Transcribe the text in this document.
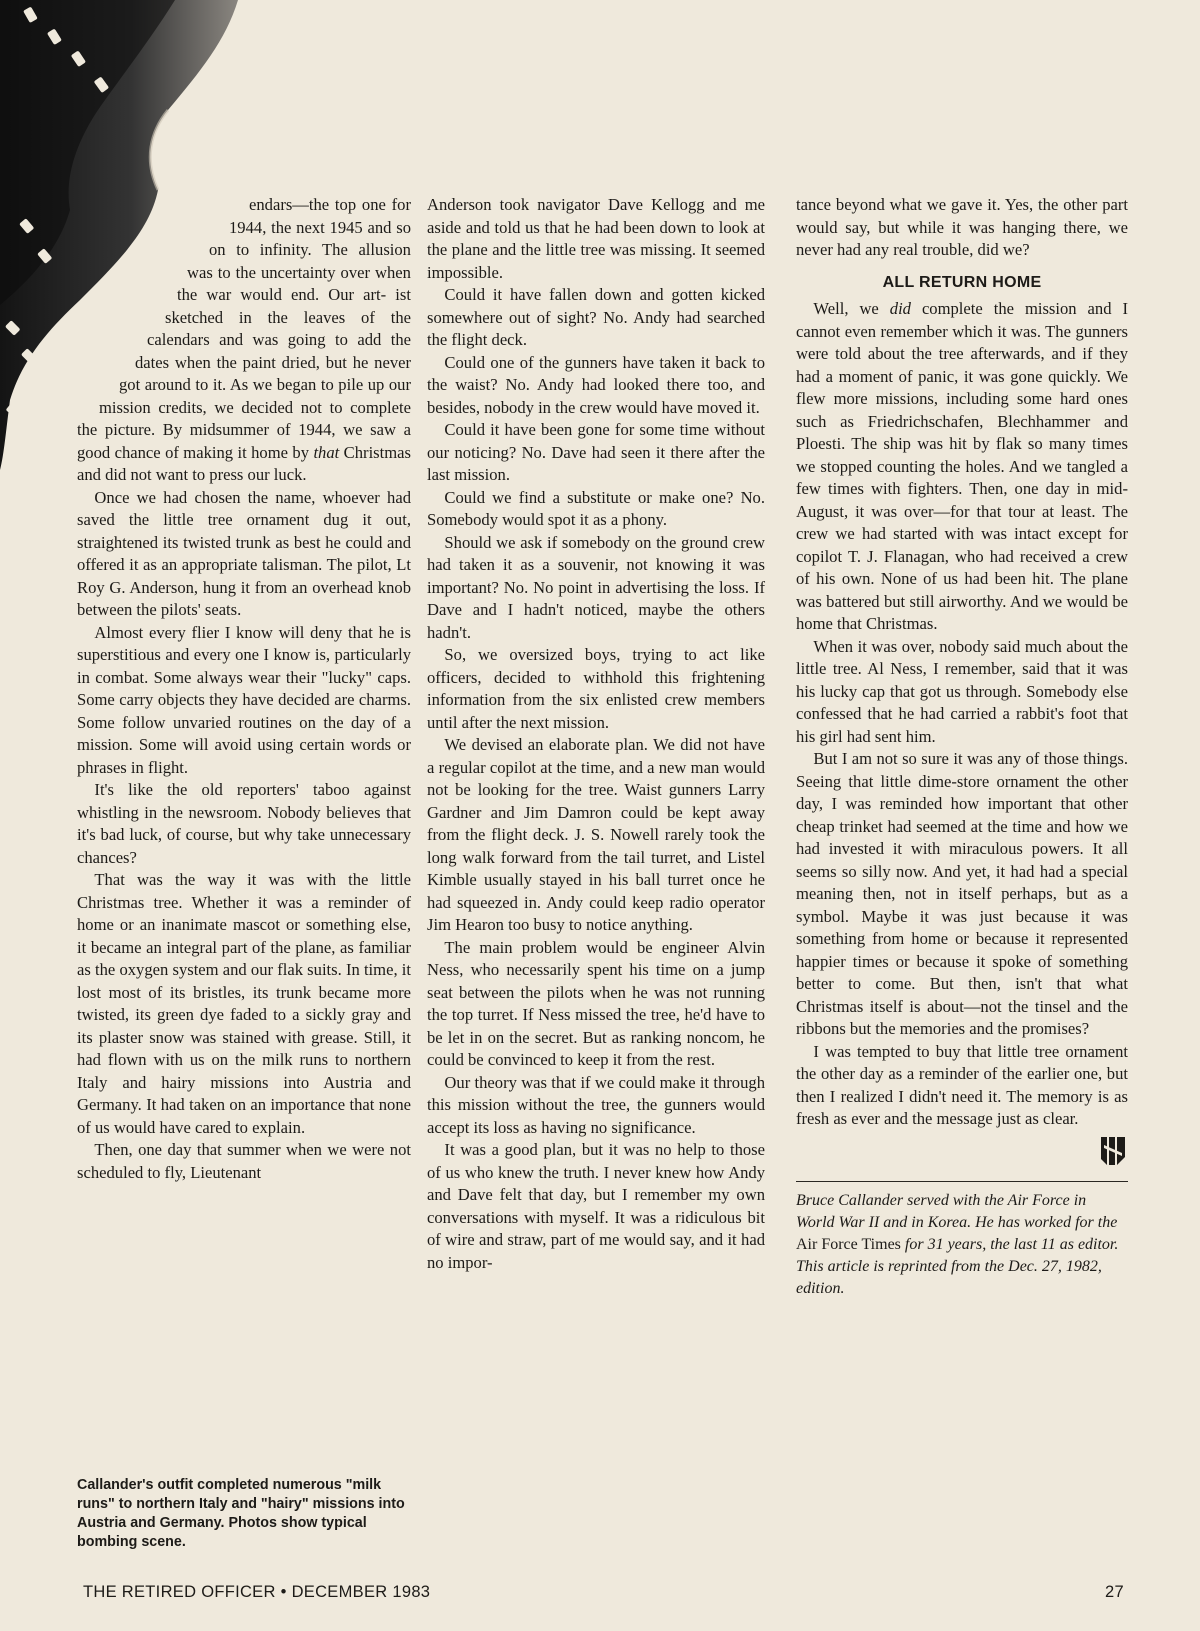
endars—the top one for 1944, the next 1945 and so on to infinity. The allusion was to the uncertainty over when the war would end. Our art- ist sketched in the leaves of the calendars and was going to add the dates when the paint dried, but he never got around to it. As we began to pile up our mission credits, we decided not to complete the picture. By midsummer of 1944, we saw a good chance of making it home by that Christmas and did not want to press our luck.

Once we had chosen the name, whoever had saved the little tree ornament dug it out, straightened its twisted trunk as best he could and offered it as an appropriate talisman. The pilot, Lt Roy G. Anderson, hung it from an overhead knob between the pilots' seats.

Almost every flier I know will deny that he is superstitious and every one I know is, particularly in combat. Some always wear their "lucky" caps. Some carry objects they have decided are charms. Some follow unvaried routines on the day of a mission. Some will avoid using certain words or phrases in flight.

It's like the old reporters' taboo against whistling in the newsroom. Nobody believes that it's bad luck, of course, but why take unnecessary chances?

That was the way it was with the little Christmas tree. Whether it was a reminder of home or an inanimate mascot or something else, it became an integral part of the plane, as familiar as the oxygen system and our flak suits. In time, it lost most of its bristles, its trunk became more twisted, its green dye faded to a sickly gray and its plaster snow was stained with grease. Still, it had flown with us on the milk runs to northern Italy and hairy missions into Austria and Germany. It had taken on an importance that none of us would have cared to explain.

Then, one day that summer when we were not scheduled to fly, Lieutenant

Callander's outfit completed numerous "milk runs" to northern Italy and "hairy" missions into Austria and Germany. Photos show typical bombing scene.

Anderson took navigator Dave Kellogg and me aside and told us that he had been down to look at the plane and the little tree was missing. It seemed impossible.

Could it have fallen down and gotten kicked somewhere out of sight? No. Andy had searched the flight deck.

Could one of the gunners have taken it back to the waist? No. Andy had looked there too, and besides, nobody in the crew would have moved it.

Could it have been gone for some time without our noticing? No. Dave had seen it there after the last mission.

Could we find a substitute or make one? No. Somebody would spot it as a phony.

Should we ask if somebody on the ground crew had taken it as a souvenir, not knowing it was important? No. No point in advertising the loss. If Dave and I hadn't noticed, maybe the others hadn't.

So, we oversized boys, trying to act like officers, decided to withhold this frightening information from the six enlisted crew members until after the next mission.

We devised an elaborate plan. We did not have a regular copilot at the time, and a new man would not be looking for the tree. Waist gunners Larry Gardner and Jim Damron could be kept away from the flight deck. J. S. Nowell rarely took the long walk forward from the tail turret, and Listel Kimble usually stayed in his ball turret once he had squeezed in. Andy could keep radio operator Jim Hearon too busy to notice anything.

The main problem would be engineer Alvin Ness, who necessarily spent his time on a jump seat between the pilots when he was not running the top turret. If Ness missed the tree, he'd have to be let in on the secret. But as ranking noncom, he could be convinced to keep it from the rest.

Our theory was that if we could make it through this mission without the tree, the gunners would accept its loss as having no significance.

It was a good plan, but it was no help to those of us who knew the truth. I never knew how Andy and Dave felt that day, but I remember my own conversations with myself. It was a ridiculous bit of wire and straw, part of me would say, and it had no impor-

tance beyond what we gave it. Yes, the other part would say, but while it was hanging there, we never had any real trouble, did we?

ALL RETURN HOME

Well, we did complete the mission and I cannot even remember which it was. The gunners were told about the tree afterwards, and if they had a moment of panic, it was gone quickly. We flew more missions, including some hard ones such as Friedrichschafen, Blechhammer and Ploesti. The ship was hit by flak so many times we stopped counting the holes. And we tangled a few times with fighters. Then, one day in mid-August, it was over—for that tour at least. The crew we had started with was intact except for copilot T. J. Flanagan, who had received a crew of his own. None of us had been hit. The plane was battered but still airworthy. And we would be home that Christmas.

When it was over, nobody said much about the little tree. Al Ness, I remember, said that it was his lucky cap that got us through. Somebody else confessed that he had carried a rabbit's foot that his girl had sent him.

But I am not so sure it was any of those things. Seeing that little dime-store ornament the other day, I was reminded how important that other cheap trinket had seemed at the time and how we had invested it with miraculous powers. It all seems so silly now. And yet, it had had a special meaning then, not in itself perhaps, but as a symbol. Maybe it was just because it was something from home or because it represented happier times or because it spoke of something better to come. But then, isn't that what Christmas itself is about—not the tinsel and the ribbons but the memories and the promises?

I was tempted to buy that little tree ornament the other day as a reminder of the earlier one, but then I realized I didn't need it. The memory is as fresh as ever and the message just as clear.

Bruce Callander served with the Air Force in World War II and in Korea. He has worked for the Air Force Times for 31 years, the last 11 as editor. This article is reprinted from the Dec. 27, 1982, edition.

THE RETIRED OFFICER • DECEMBER 1983	27
